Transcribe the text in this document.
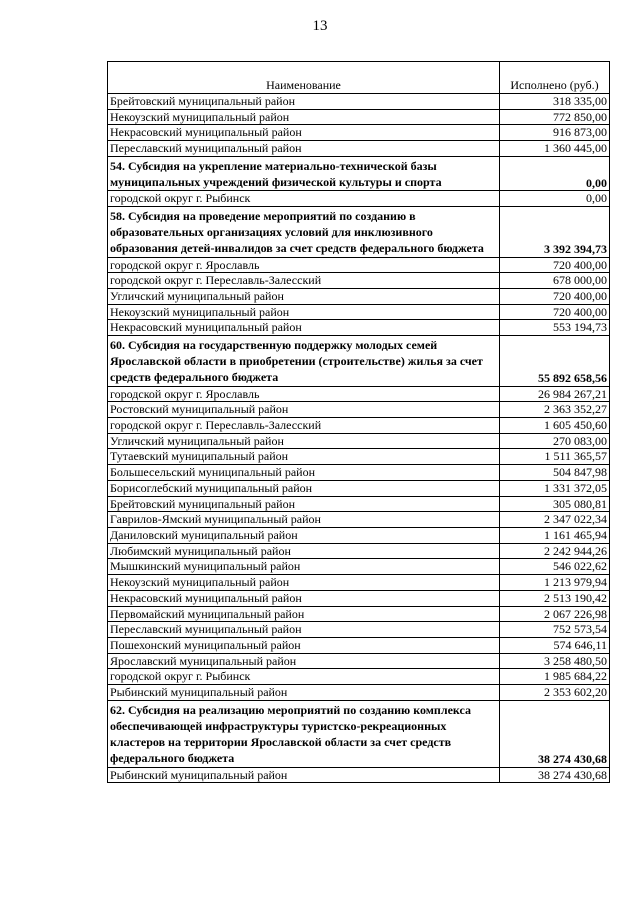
13
Наименование	Исполнено (руб.)
Брейтовский муниципальный район	318 335,00
Некоузский муниципальный район	772 850,00
Некрасовский муниципальный район	916 873,00
Переславский муниципальный район	1 360 445,00
54. Субсидия на укрепление материально-технической базы муниципальных учреждений физической культуры и спорта	0,00
городской округ г. Рыбинск	0,00
58. Субсидия на проведение мероприятий по созданию в образовательных организациях условий для инклюзивного образования детей-инвалидов за счет средств федерального бюджета	3 392 394,73
городской округ г. Ярославль	720 400,00
городской округ г. Переславль-Залесский	678 000,00
Угличский муниципальный район	720 400,00
Некоузский муниципальный район	720 400,00
Некрасовский муниципальный район	553 194,73
60. Субсидия на государственную поддержку молодых семей Ярославской области в приобретении (строительстве) жилья за счет средств федерального бюджета	55 892 658,56
городской округ г. Ярославль	26 984 267,21
Ростовский муниципальный район	2 363 352,27
городской округ г. Переславль-Залесский	1 605 450,60
Угличский муниципальный район	270 083,00
Тутаевский муниципальный район	1 511 365,57
Большесельский муниципальный район	504 847,98
Борисоглебский муниципальный район	1 331 372,05
Брейтовский муниципальный район	305 080,81
Гаврилов-Ямский муниципальный район	2 347 022,34
Даниловский муниципальный район	1 161 465,94
Любимский муниципальный район	2 242 944,26
Мышкинский муниципальный район	546 022,62
Некоузский муниципальный район	1 213 979,94
Некрасовский муниципальный район	2 513 190,42
Первомайский муниципальный район	2 067 226,98
Переславский муниципальный район	752 573,54
Пошехонский муниципальный район	574 646,11
Ярославский муниципальный район	3 258 480,50
городской округ г. Рыбинск	1 985 684,22
Рыбинский муниципальный район	2 353 602,20
62. Субсидия на реализацию мероприятий по созданию комплекса обеспечивающей инфраструктуры туристско-рекреационных кластеров на территории Ярославской области за счет средств федерального бюджета	38 274 430,68
Рыбинский муниципальный район	38 274 430,68
